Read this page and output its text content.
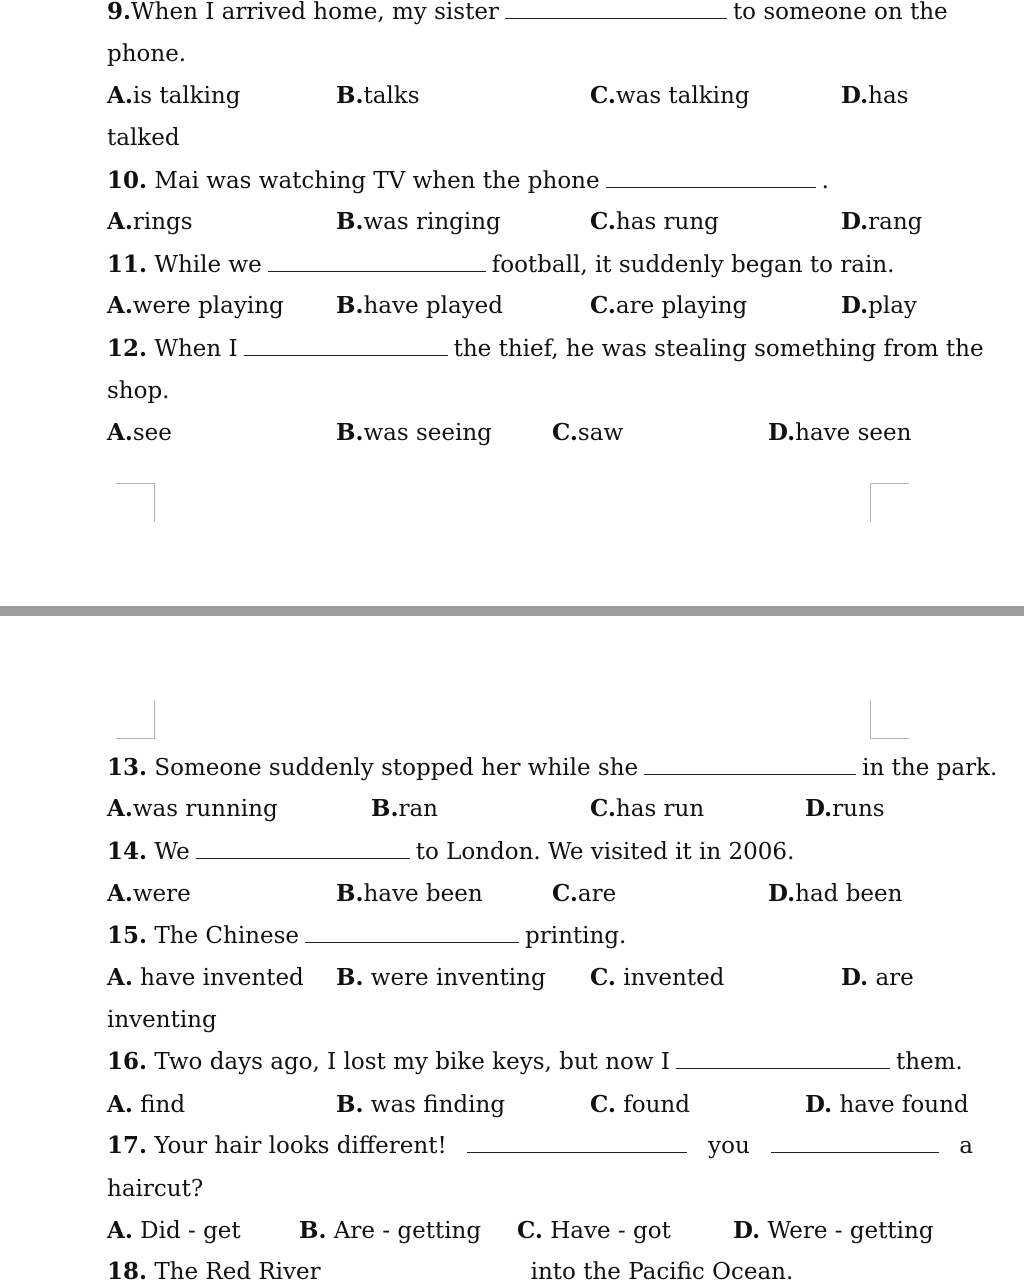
9.When I arrived home, my sister	to someone on the
phone.
A.is talking	B.talks	C.was talking	D.has
talked
10. Mai was watching TV when the phone	.
A.rings	B.was ringing	C.has rung	D.rang
11. While we	football, it suddenly began to rain.
A.were playing B.have played	C.are playing	D.play
12. When I	the thief, he was stealing something from the
shop.
A.see	B.was seeing	C.saw	D.have seen
13. Someone suddenly stopped her while she	in the park.
A.was running	B.ran	C.has run	D.runs
14. We	to London. We visited it in 2006.
A.were	B.have been	C.are	D.had been
15. The Chinese	printing.
A. have invented B. were inventing C. invented	D. are
inventing
16. Two days ago, I lost my bike keys, but now I	them.
A. find	B. was finding	C. found	D. have found
17. Your hair looks different!	you	a
haircut?
A. Did - get	B. Are - getting C. Have - got	D. Were - getting
18. The Red River	into the Pacific Ocean.
